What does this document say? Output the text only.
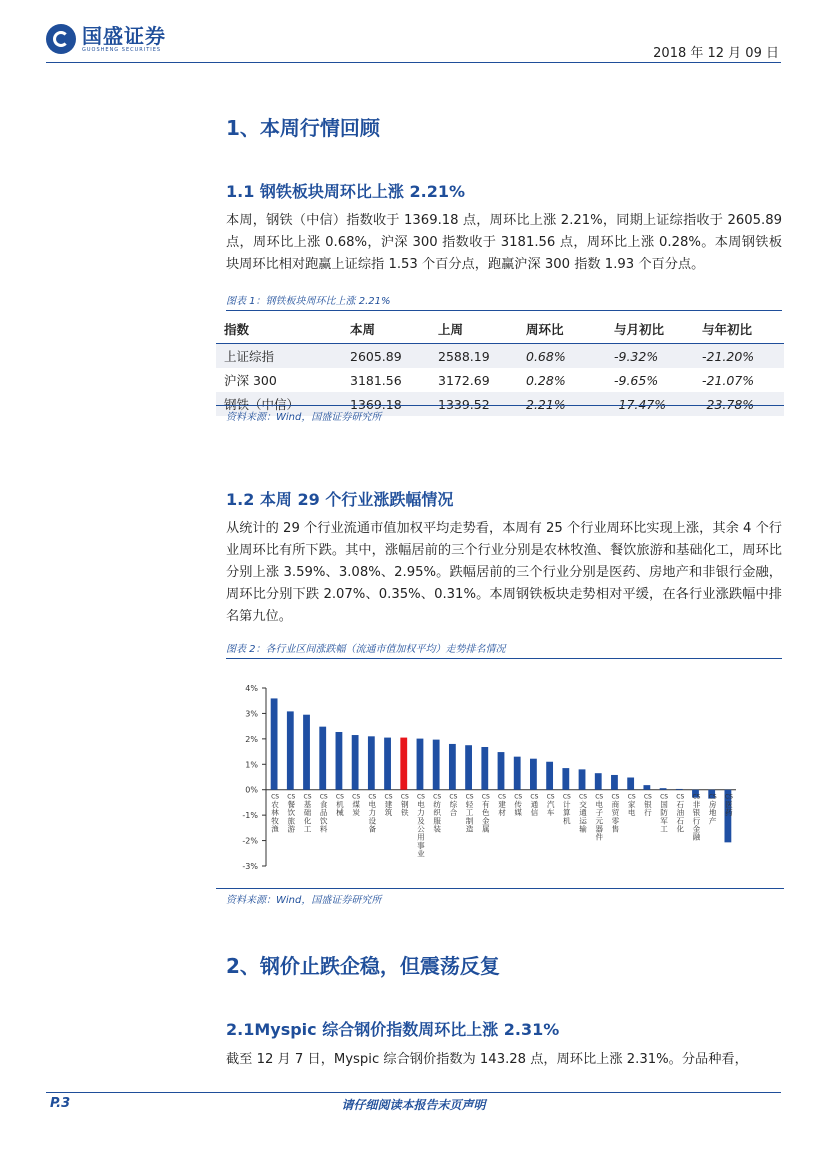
国盛证券
GUOSHENG SECURITIES	2018 年 12 月 09 日
1、本周行情回顾
1.1 钢铁板块周环比上涨 2.21%
本周，钢铁（中信）指数收于 1369.18 点，周环比上涨 2.21%，同期上证综指收于 2605.89 点，周环比上涨 0.68%，沪深 300 指数收于 3181.56 点，周环比上涨 0.28%。本周钢铁板块周环比相对跑赢上证综指 1.53 个百分点，跑赢沪深 300 指数 1.93 个百分点。
图表 1：钢铁板块周环比上涨 2.21%
指数	本周	上周	周环比	与月初比	与年初比
上证综指	2605.89	2588.19	0.68%	-9.32%	-21.20%
沪深 300	3181.56	3172.69	0.28%	-9.65%	-21.07%
钢铁（中信）	1369.18	1339.52	2.21%	-17.47%	-23.78%
资料来源：Wind，国盛证券研究所
1.2 本周 29 个行业涨跌幅情况
从统计的 29 个行业流通市值加权平均走势看，本周有 25 个行业周环比实现上涨，其余 4 个行业周环比有所下跌。其中，涨幅居前的三个行业分别是农林牧渔、餐饮旅游和基础化工，周环比分别上涨 3.59%、3.08%、2.95%。跌幅居前的三个行业分别是医药、房地产和非银行金融，周环比分别下跌 2.07%、0.35%、0.31%。本周钢铁板块走势相对平缓，在各行业涨跌幅中排名第九位。
图表 2：各行业区间涨跌幅（流通市值加权平均）走势排名情况
4%
3%
2%
1%
0%
-1%
-2%
-3%
CS 农林牧渔
CS 餐饮旅游
CS 基础化工
CS 食品饮料
CS 机械
CS 煤炭
CS 电力设备
CS 建筑
CS 钢铁
CS 电力及公用事业
CS 纺织服装
CS 综合
CS 轻工制造
CS 有色金属
CS 建材
CS 传媒
CS 通信
CS 汽车
CS 计算机
CS 交通运输
CS 电子元器件
CS 商贸零售
CS 家电
CS 银行
CS 国防军工
CS 石油石化
CS 非银行金融
CS 房地产
CS 医药
资料来源：Wind，国盛证券研究所
2、钢价止跌企稳，但震荡反复
2.1Myspic 综合钢价指数周环比上涨 2.31%
截至 12 月 7 日，Myspic 综合钢价指数为 143.28 点，周环比上涨 2.31%。分品种看，
P.3	请仔细阅读本报告末页声明
